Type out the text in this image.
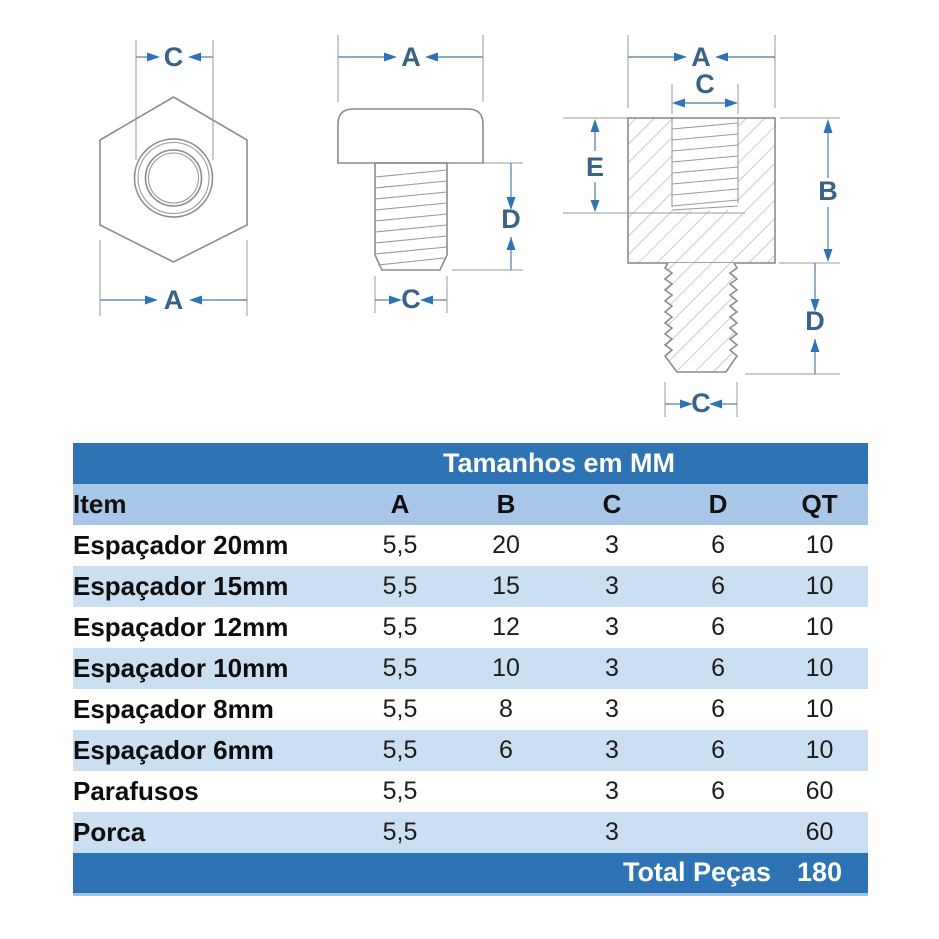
C
A
A
D
C
A
C
E
B
D
C
	Tamanhos em MM				
Item	A	B	C	D	QT
Espaçador 20mm	5,5	20	3	6	10
Espaçador 15mm	5,5	15	3	6	10
Espaçador 12mm	5,5	12	3	6	10
Espaçador 10mm	5,5	10	3	6	10
Espaçador 8mm	5,5	8	3	6	10
Espaçador 6mm	5,5	6	3	6	10
Parafusos	5,5		3	6	60
Porca	5,5		3		60
			Total Peças		180
